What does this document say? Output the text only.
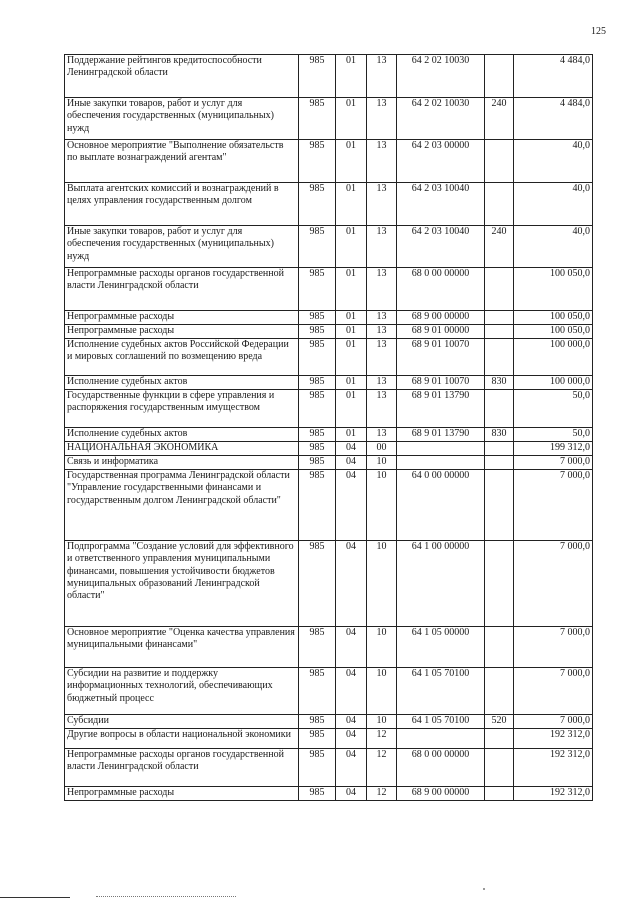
125
Поддержание рейтингов кредитоспособности Ленинградской области	985	01	13	64 2 02 10030		4 484,0
Иные закупки товаров, работ и услуг для обеспечения государственных (муниципальных) нужд	985	01	13	64 2 02 10030	240	4 484,0
Основное мероприятие "Выполнение обязательств по выплате вознаграждений агентам"	985	01	13	64 2 03 00000		40,0
Выплата агентских комиссий и вознаграждений в целях управления государственным долгом	985	01	13	64 2 03 10040		40,0
Иные закупки товаров, работ и услуг для обеспечения государственных (муниципальных) нужд	985	01	13	64 2 03 10040	240	40,0
Непрограммные расходы органов государственной власти Ленинградской области	985	01	13	68 0 00 00000		100 050,0
Непрограммные расходы	985	01	13	68 9 00 00000		100 050,0
Непрограммные расходы	985	01	13	68 9 01 00000		100 050,0
Исполнение судебных актов Российской Федерации и мировых соглашений по возмещению вреда	985	01	13	68 9 01 10070		100 000,0
Исполнение судебных актов	985	01	13	68 9 01 10070	830	100 000,0
Государственные функции в сфере управления и распоряжения государственным имуществом	985	01	13	68 9 01 13790		50,0
Исполнение судебных актов	985	01	13	68 9 01 13790	830	50,0
НАЦИОНАЛЬНАЯ ЭКОНОМИКА	985	04	00			199 312,0
Связь и информатика	985	04	10			7 000,0
Государственная программа Ленинградской области "Управление государственными финансами и государственным долгом Ленинградской области"	985	04	10	64 0 00 00000		7 000,0
Подпрограмма "Создание условий для эффективного и ответственного управления муниципальными финансами, повышения устойчивости бюджетов муниципальных образований Ленинградской области"	985	04	10	64 1 00 00000		7 000,0
Основное мероприятие "Оценка качества управления муниципальными финансами"	985	04	10	64 1 05 00000		7 000,0
Субсидии на развитие и поддержку информационных технологий, обеспечивающих бюджетный процесс	985	04	10	64 1 05 70100		7 000,0
Субсидии	985	04	10	64 1 05 70100	520	7 000,0
Другие вопросы в области национальной экономики	985	04	12			192 312,0
Непрограммные расходы органов государственной власти Ленинградской области	985	04	12	68 0 00 00000		192 312,0
Непрограммные расходы	985	04	12	68 9 00 00000		192 312,0
